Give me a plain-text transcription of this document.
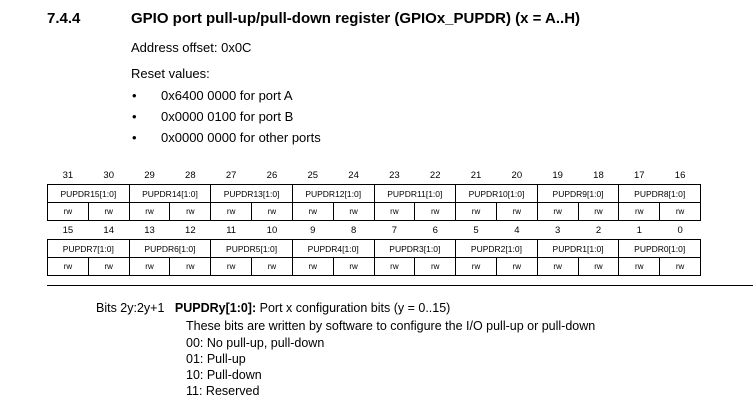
7.4.4	GPIO port pull-up/pull-down register (GPIOx_PUPDR) (x = A..H)
Address offset: 0x0C
Reset values:
• 0x6400 0000 for port A
• 0x0000 0100 for port B
• 0x0000 0000 for other ports
31	30	29	28	27	26	25	24	23	22	21	20	19	18	17	16
PUPDR15[1:0]		PUPDR14[1:0]		PUPDR13[1:0]		PUPDR12[1:0]		PUPDR11[1:0]		PUPDR10[1:0]		PUPDR9[1:0]		PUPDR8[1:0]	
rw	rw	rw	rw	rw	rw	rw	rw	rw	rw	rw	rw	rw	rw	rw	rw
15	14	13	12	11	10	9	8	7	6	5	4	3	2	1	0
PUPDR7[1:0]		PUPDR6[1:0]		PUPDR5[1:0]		PUPDR4[1:0]		PUPDR3[1:0]		PUPDR2[1:0]		PUPDR1[1:0]		PUPDR0[1:0]	
rw	rw	rw	rw	rw	rw	rw	rw	rw	rw	rw	rw	rw	rw	rw	rw
Bits 2y:2y+1 PUPDRy[1:0]: Port x configuration bits (y = 0..15)
These bits are written by software to configure the I/O pull-up or pull-down
00: No pull-up, pull-down
01: Pull-up
10: Pull-down
11: Reserved
